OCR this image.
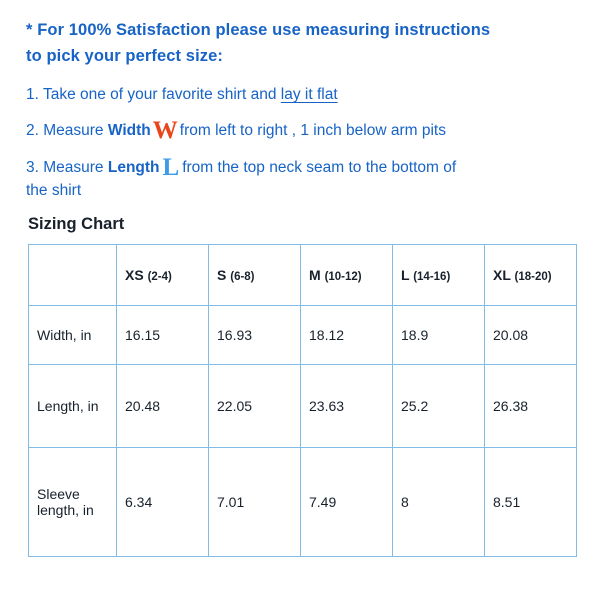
* For 100% Satisfaction please use measuring instructions
to pick your perfect size:
1. Take one of your favorite shirt and lay it flat
2. Measure WidthW from left to right , 1 inch below arm pits
3. Measure Length L from the top neck seam to the bottom of
the shirt
Sizing Chart
	XS (2-4)	S (6-8)	M (10-12)	L (14-16)	XL (18-20)
Width, in	16.15	16.93	18.12	18.9	20.08
Length, in	20.48	22.05	23.63	25.2	26.38
Sleeve length, in	6.34	7.01	7.49	8	8.51
